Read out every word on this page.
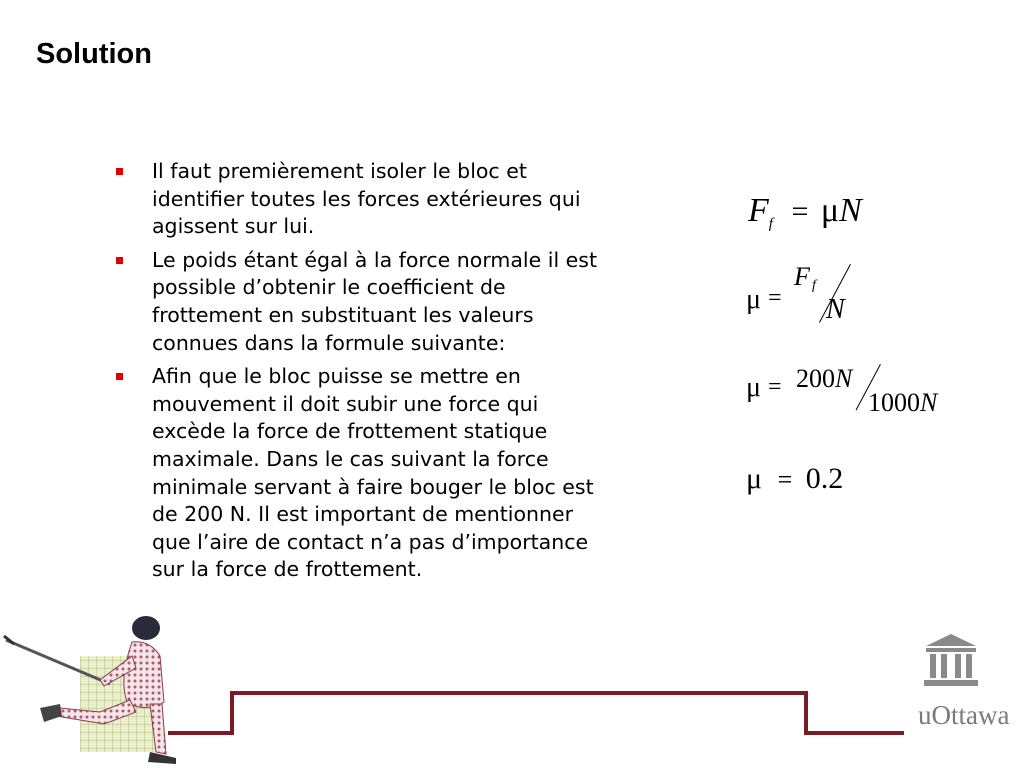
Solution
Il faut premièrement isoler le bloc et identifier toutes les forces extérieures qui agissent sur lui.
Le poids étant égal à la force normale il est possible d’obtenir le coefficient de frottement en substituant les valeurs connues dans la formule suivante:
Afin que le bloc puisse se mettre en mouvement il doit subir une force qui excède la force de frottement statique maximale. Dans le cas suivant la force minimale servant à faire bouger le bloc est de 200 N. Il est important de mentionner que l’aire de contact n’a pas d’importance sur la force de frottement.
$F_f = \mu N$
μ =
F f
N
μ = 200N
1000N
μ = 0.2
uOttawa
